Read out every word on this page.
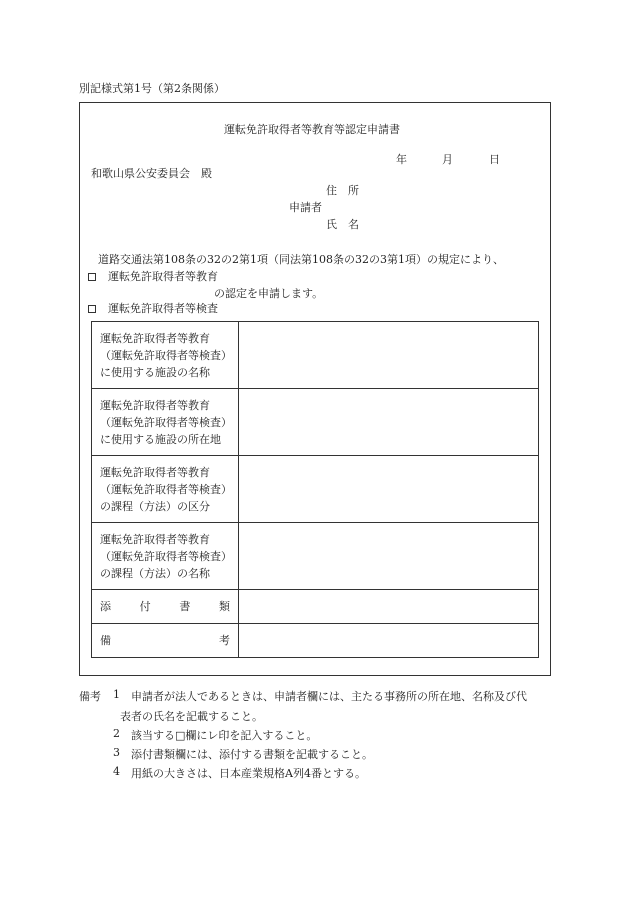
別記様式第1号（第2条関係）
運転免許取得者等教育等認定申請書
年	月	日
和歌山県公安委員会　殿
住　所
申請者
氏　名
道路交通法第108条の32の2第1項（同法第108条の32の3第1項）の規定により、
運転免許取得者等教育
の認定を申請します。
運転免許取得者等検査
運転免許取得者等教育（運転免許取得者等検査）に使用する施設の名称	
運転免許取得者等教育（運転免許取得者等検査）に使用する施設の所在地	
運転免許取得者等教育（運転免許取得者等検査）の課程（方法）の区分	
運転免許取得者等教育（運転免許取得者等検査）の課程（方法）の名称	

添 付 書 類	

備 考	

備考 1 申請者が法人であるときは、申請者欄には、主たる事務所の所在地、名称及び代
表者の氏名を記載すること。
2 該当する□欄にレ印を記入すること。
3 添付書類欄には、添付する書類を記載すること。
4 用紙の大きさは、日本産業規格A列4番とする。
